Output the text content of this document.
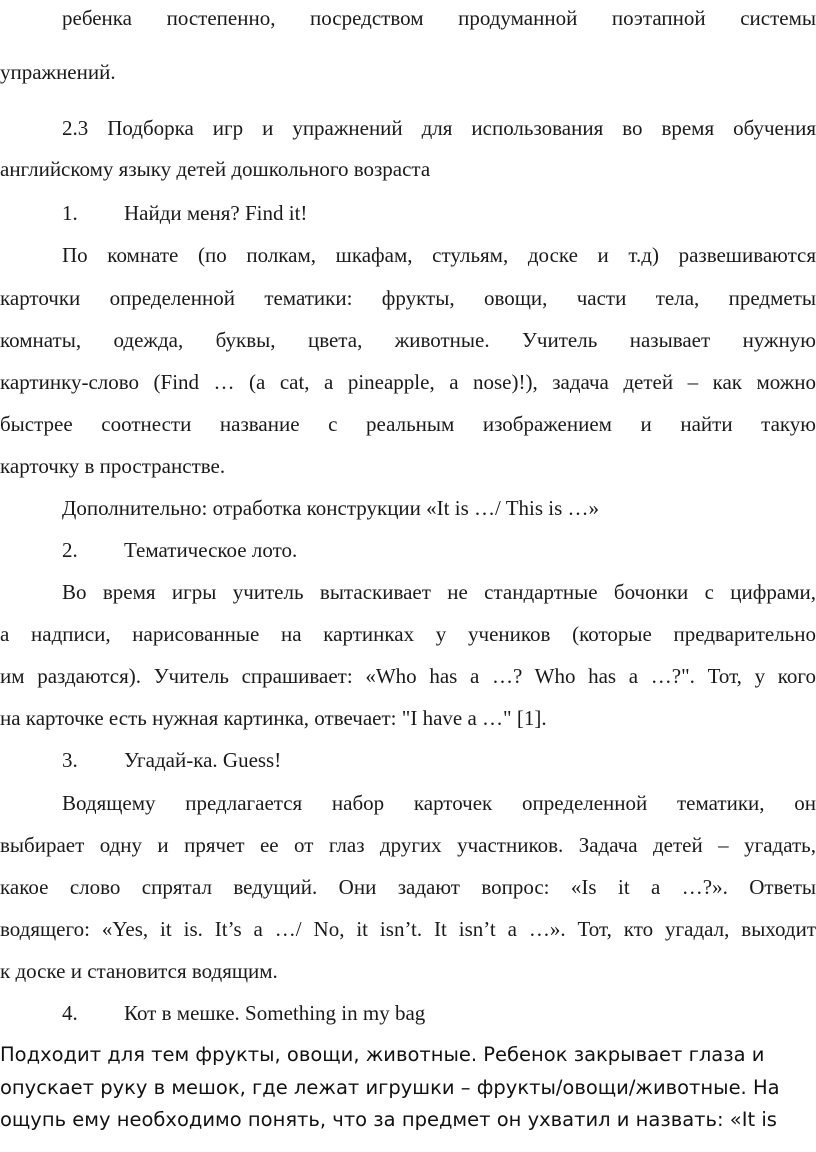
ребенка постепенно, посредством продуманной поэтапной системы
упражнений.
2.3 Подборка игр и упражнений для использования во время обучения
английскому языку детей дошкольного возраста
1. Найди меня? Find it!
По комнате (по полкам, шкафам, стульям, доске и т.д) развешиваются
карточки определенной тематики: фрукты, овощи, части тела, предметы
комнаты, одежда, буквы, цвета, животные. Учитель называет нужную
картинку-слово (Find … (a cat, a pineapple, a nose)!), задача детей – как можно
быстрее соотнести название с реальным изображением и найти такую
карточку в пространстве.
Дополнительно: отработка конструкции «It is …/ This is …»
2. Тематическое лото.
Во время игры учитель вытаскивает не стандартные бочонки с цифрами,
а надписи, нарисованные на картинках у учеников (которые предварительно
им раздаются). Учитель спрашивает: «Who has a …? Who has a …?". Тот, у кого
на карточке есть нужная картинка, отвечает: "I have a …" [1].
3. Угадай-ка. Guess!
Водящему предлагается набор карточек определенной тематики, он
выбирает одну и прячет ее от глаз других участников. Задача детей – угадать,
какое слово спрятал ведущий. Они задают вопрос: «Is it a …?». Ответы
водящего: «Yes, it is. It’s a …/ No, it isn’t. It isn’t a …». Тот, кто угадал, выходит
к доске и становится водящим.
4. Кот в мешке. Something in my bag
Подходит для тем фрукты, овощи, животные. Ребенок закрывает глаза и
опускает руку в мешок, где лежат игрушки – фрукты/овощи/животные. На
ощупь ему необходимо понять, что за предмет он ухватил и назвать: «It is
